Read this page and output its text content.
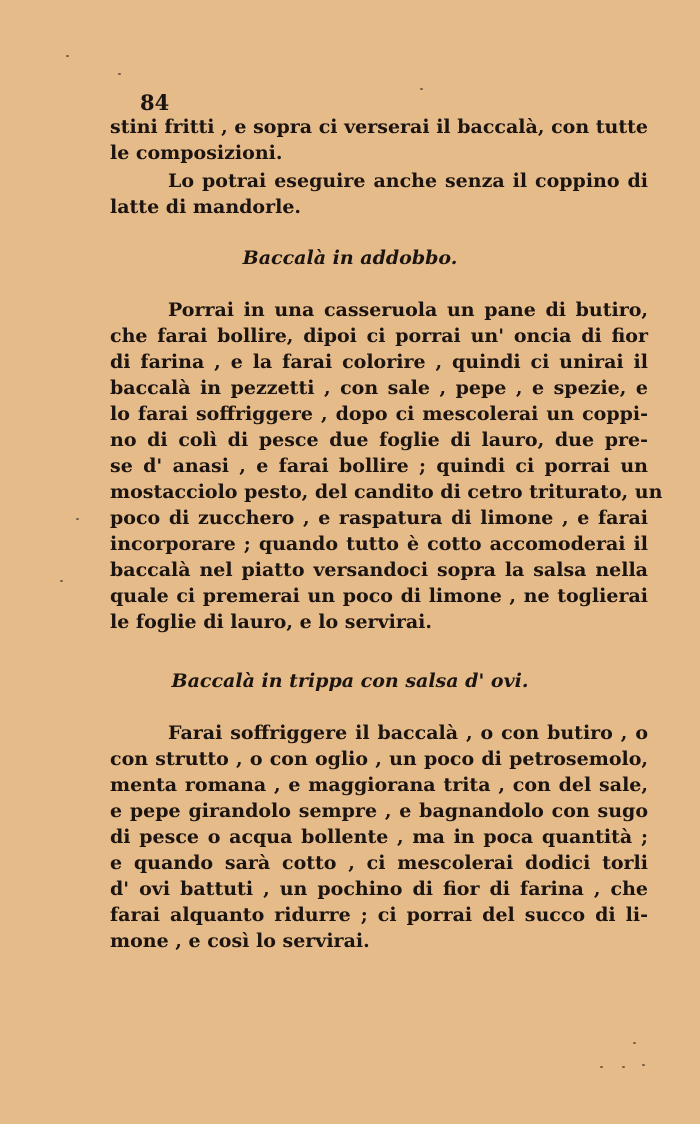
84
stini fritti , e sopra ci verserai il baccalà, con tutte
le composizioni.
Lo potrai eseguire anche senza il coppino di
latte di mandorle.
Baccalà in addobbo.
Porrai in una casseruola un pane di butiro,
che farai bollire, dipoi ci porrai un' oncia di fior
di farina , e la farai colorire , quindi ci unirai il
baccalà in pezzetti , con sale , pepe , e spezie, e
lo farai soffriggere , dopo ci mescolerai un coppi-
no di colì di pesce due foglie di lauro, due pre-
se d' anasi , e farai bollire ; quindi ci porrai un
mostacciolo pesto, del candito di cetro triturato, un
poco di zucchero , e raspatura di limone , e farai
incorporare ; quando tutto è cotto accomoderai il
baccalà nel piatto versandoci sopra la salsa nella
quale ci premerai un poco di limone , ne toglierai
le foglie di lauro, e lo servirai.
Baccalà in trippa con salsa d' ovi.
Farai soffriggere il baccalà , o con butiro , o
con strutto , o con oglio , un poco di petrosemolo,
menta romana , e maggiorana trita , con del sale,
e pepe girandolo sempre , e bagnandolo con sugo
di pesce o acqua bollente , ma in poca quantità ;
e quando sarà cotto , ci mescolerai dodici torli
d' ovi battuti , un pochino di fior di farina , che
farai alquanto ridurre ; ci porrai del succo di li-
mone , e così lo servirai.
